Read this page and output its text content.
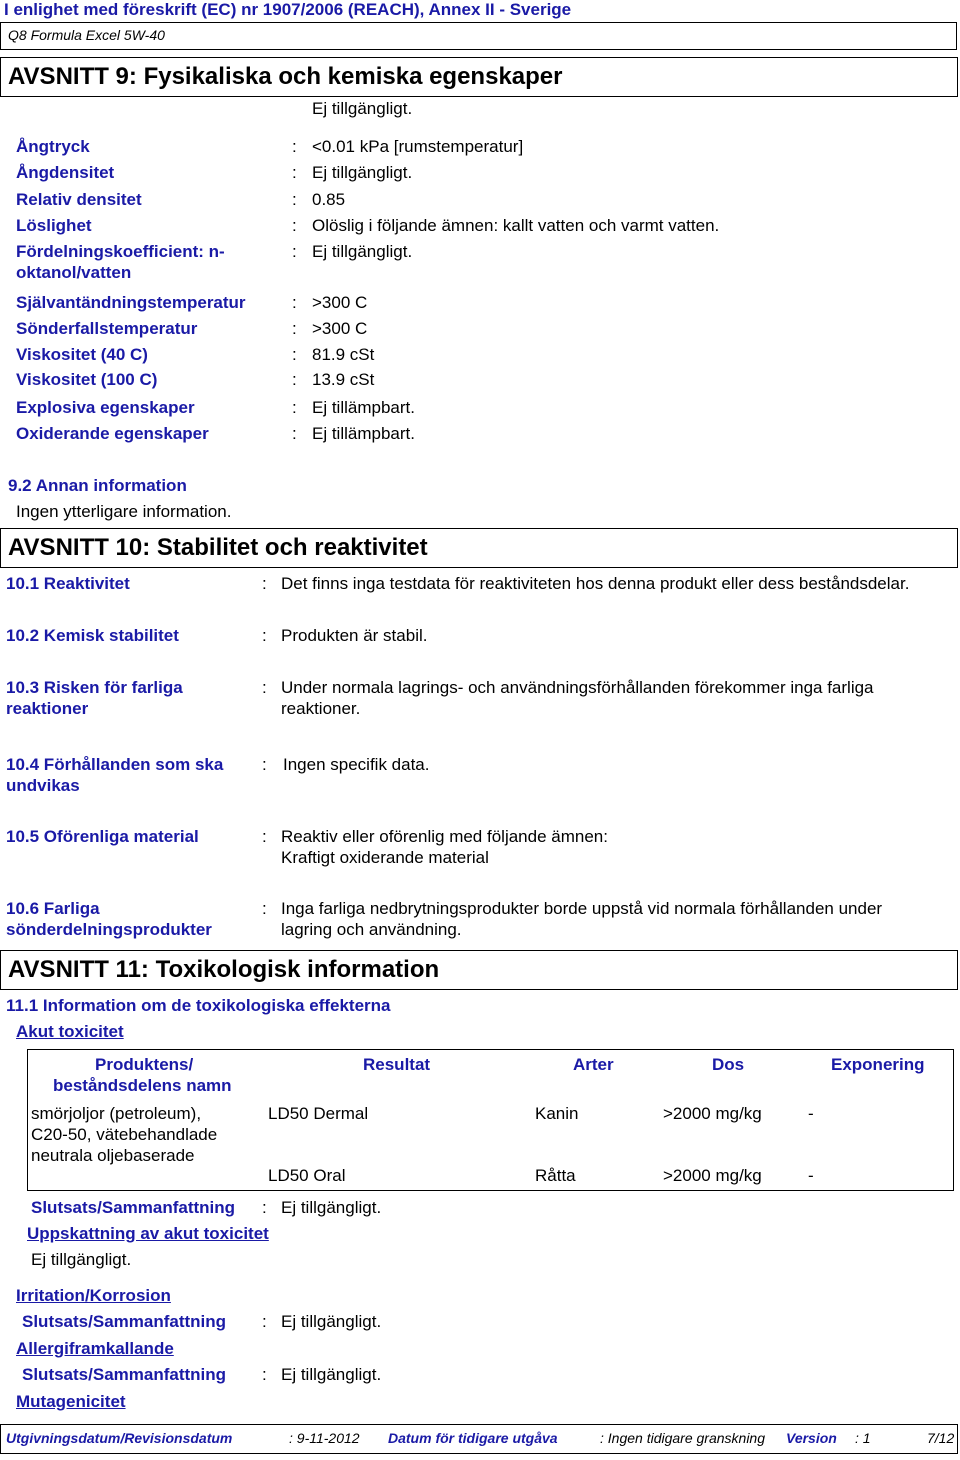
I enlighet med föreskrift (EC) nr 1907/2006 (REACH), Annex II - Sverige
Q8 Formula Excel 5W-40
AVSNITT 9: Fysikaliska och kemiska egenskaper
Ej tillgängligt.
Ångtryck	: <0.01 kPa [rumstemperatur]
Ångdensitet	: Ej tillgängligt.
Relativ densitet	: 0.85
Löslighet	: Olöslig i följande ämnen: kallt vatten och varmt vatten.
Fördelningskoefficient: n-
oktanol/vatten
: Ej tillgängligt.
Självantändningstemperatur	: >300 C
Sönderfallstemperatur	: >300 C
Viskositet (40 C)	: 81.9 cSt
Viskositet (100 C)	: 13.9 cSt
Explosiva egenskaper	: Ej tillämpbart.
Oxiderande egenskaper	: Ej tillämpbart.
9.2 Annan information
Ingen ytterligare information.
AVSNITT 10: Stabilitet och reaktivitet
10.1 Reaktivitet	: Det finns inga testdata för reaktiviteten hos denna produkt eller dess beståndsdelar.
10.2 Kemisk stabilitet	: Produkten är stabil.
10.3 Risken för farliga
reaktioner
: Under normala lagrings- och användningsförhållanden förekommer inga farliga
reaktioner.
10.4 Förhållanden som ska
undvikas
: Ingen specifik data.
10.5 Oförenliga material	: Reaktiv eller oförenlig med följande ämnen:
Kraftigt oxiderande material
10.6 Farliga
sönderdelningsprodukter
: Inga farliga nedbrytningsprodukter borde uppstå vid normala förhållanden under
lagring och användning.
AVSNITT 11: Toxikologisk information
11.1 Information om de toxikologiska effekterna
Akut toxicitet
Produktens/
beståndsdelens namn
Resultat	Arter	Dos	Exponering
smörjoljor (petroleum),
C20-50, vätebehandlade
neutrala oljebaserade
LD50 Dermal	Kanin	>2000 mg/kg	-
LD50 Oral	Råtta	>2000 mg/kg	-
Slutsats/Sammanfattning : Ej tillgängligt.
Uppskattning av akut toxicitet
Ej tillgängligt.
Irritation/Korrosion
Slutsats/Sammanfattning : Ej tillgängligt.
Allergiframkallande
Slutsats/Sammanfattning : Ej tillgängligt.
Mutagenicitet
Utgivningsdatum/Revisionsdatum	: 9-11-2012 Datum för tidigare utgåva	: Ingen tidigare granskning Version : 1	7/12
